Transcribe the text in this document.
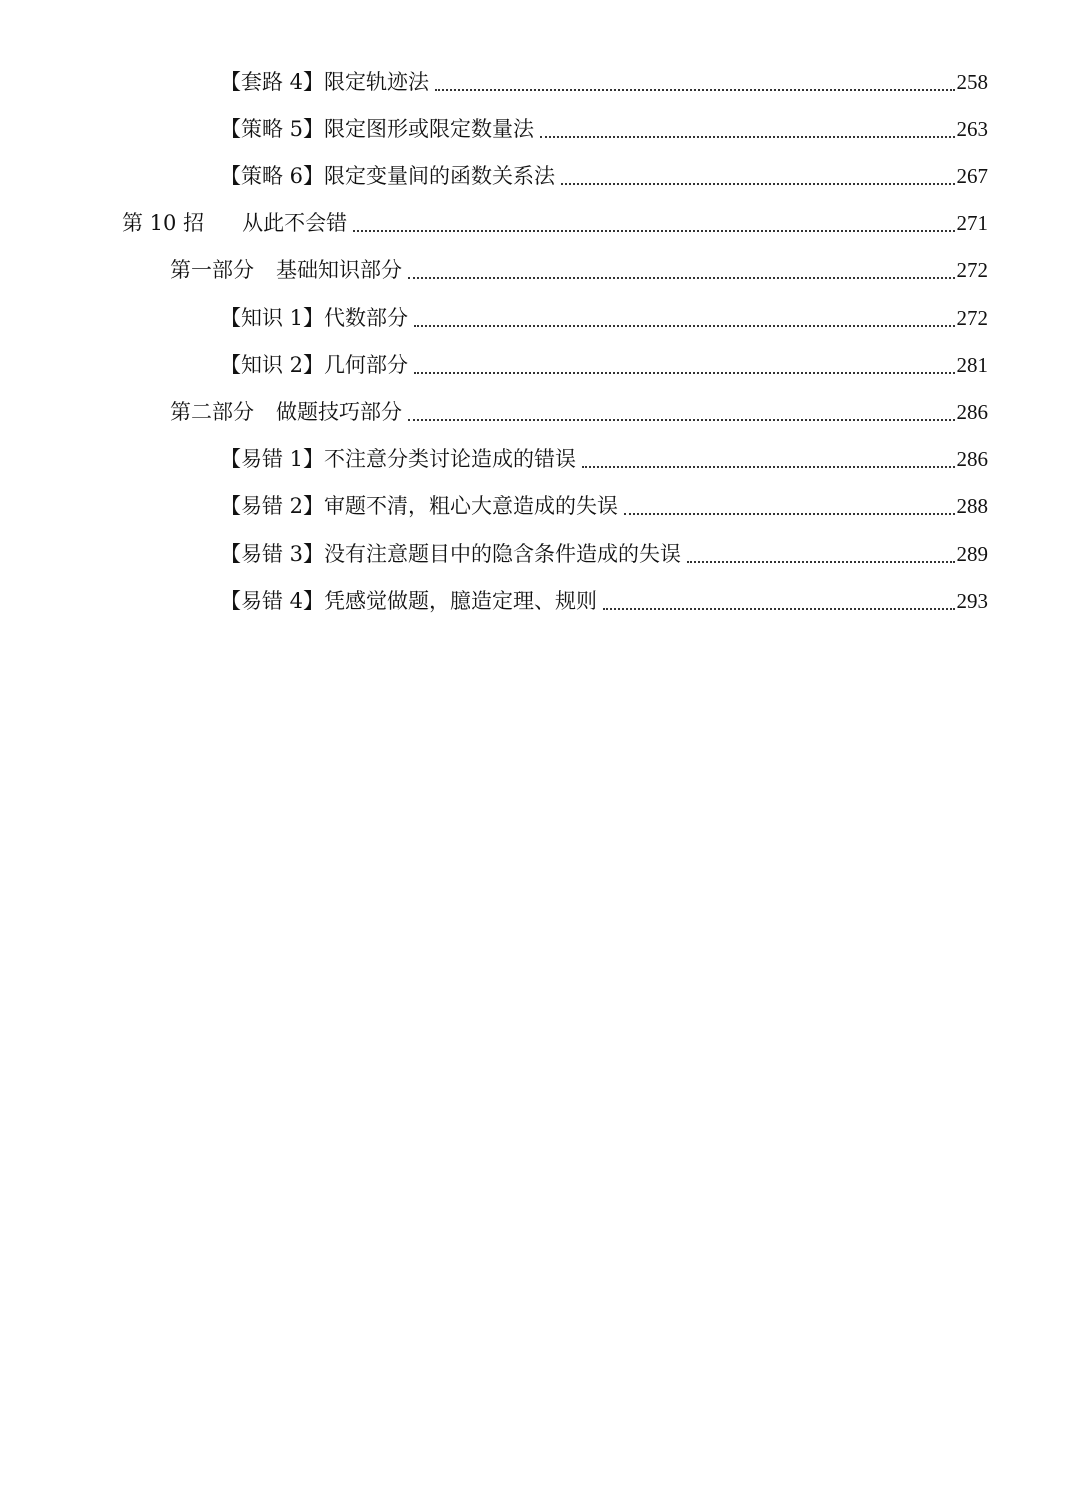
【套路 4】限定轨迹法	258
【策略 5】限定图形或限定数量法	263
【策略 6】限定变量间的函数关系法	267
第 10 招 从此不会错	271
第一部分 基础知识部分	272
【知识 1】代数部分	272
【知识 2】几何部分	281
第二部分 做题技巧部分	286
【易错 1】不注意分类讨论造成的错误	286
【易错 2】审题不清，粗心大意造成的失误	288
【易错 3】没有注意题目中的隐含条件造成的失误	289
【易错 4】凭感觉做题，臆造定理、规则	293
